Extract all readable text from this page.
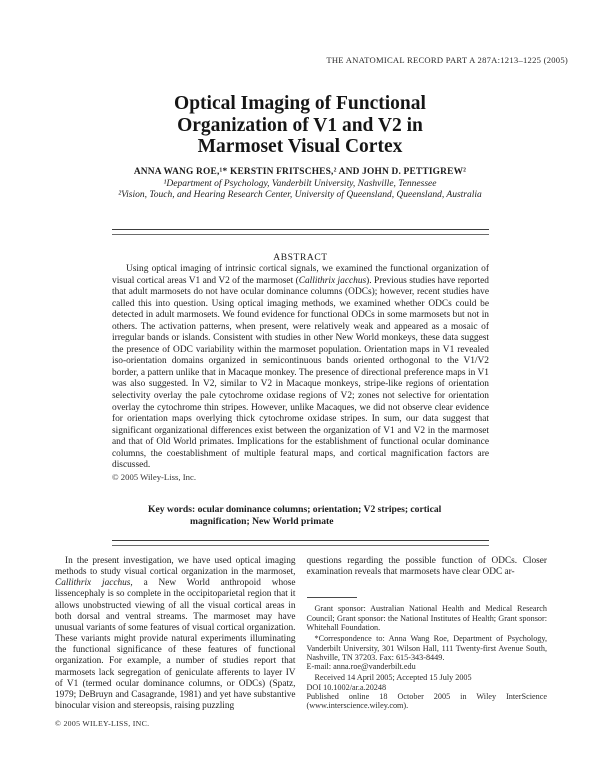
THE ANATOMICAL RECORD PART A 287A:1213–1225 (2005)
Optical Imaging of Functional
Organization of V1 and V2 in
Marmoset Visual Cortex
ANNA WANG ROE,¹* KERSTIN FRITSCHES,² AND JOHN D. PETTIGREW²
¹Department of Psychology, Vanderbilt University, Nashville, Tennessee
²Vision, Touch, and Hearing Research Center, University of Queensland, Queensland, Australia
ABSTRACT
Using optical imaging of intrinsic cortical signals, we examined the functional organization of visual cortical areas V1 and V2 of the marmoset (Callithrix jacchus). Previous studies have reported that adult marmosets do not have ocular dominance columns (ODCs); however, recent studies have called this into question. Using optical imaging methods, we examined whether ODCs could be detected in adult marmosets. We found evidence for functional ODCs in some marmosets but not in others. The activation patterns, when present, were relatively weak and appeared as a mosaic of irregular bands or islands. Consistent with studies in other New World monkeys, these data suggest the presence of ODC variability within the marmoset population. Orientation maps in V1 revealed iso-orientation domains organized in semicontinuous bands oriented orthogonal to the V1/V2 border, a pattern unlike that in Macaque monkey. The presence of directional preference maps in V1 was also suggested. In V2, similar to V2 in Macaque monkeys, stripe-like regions of orientation selectivity overlay the pale cytochrome oxidase regions of V2; zones not selective for orientation overlay the cytochrome thin stripes. However, unlike Macaques, we did not observe clear evidence for orientation maps overlying thick cytochrome oxidase stripes. In sum, our data suggest that significant organizational differences exist between the organization of V1 and V2 in the marmoset and that of Old World primates. Implications for the establishment of functional ocular dominance columns, the coestablishment of multiple featural maps, and cortical magnification factors are discussed.
© 2005 Wiley-Liss, Inc.
Key words: ocular dominance columns; orientation; V2 stripes; cortical magnification; New World primate
In the present investigation, we have used optical imaging methods to study visual cortical organization in the marmoset, Callithrix jacchus, a New World anthropoid whose lissencephaly is so complete in the occipitoparietal region that it allows unobstructed viewing of all the visual cortical areas in both dorsal and ventral streams. The marmoset may have unusual variants of some features of visual cortical organization. These variants might provide natural experiments illuminating the functional significance of these features of functional organization. For example, a number of studies report that marmosets lack segregation of geniculate afferents to layer IV of V1 (termed ocular dominance columns, or ODCs) (Spatz, 1979; DeBruyn and Casagrande, 1981) and yet have substantive binocular vision and stereopsis, raising puzzling
questions regarding the possible function of ODCs. Closer examination reveals that marmosets have clear ODC ar-

Grant sponsor: Australian National Health and Medical Research Council; Grant sponsor: the National Institutes of Health; Grant sponsor: Whitehall Foundation.

*Correspondence to: Anna Wang Roe, Department of Psychology, Vanderbilt University, 301 Wilson Hall, 111 Twenty-first Avenue South, Nashville, TN 37203. Fax: 615-343-8449.

E-mail: anna.roe@vanderbilt.edu

Received 14 April 2005; Accepted 15 July 2005

DOI 10.1002/ar.a.20248

Published online 18 October 2005 in Wiley InterScience (www.interscience.wiley.com).

© 2005 WILEY-LISS, INC.
